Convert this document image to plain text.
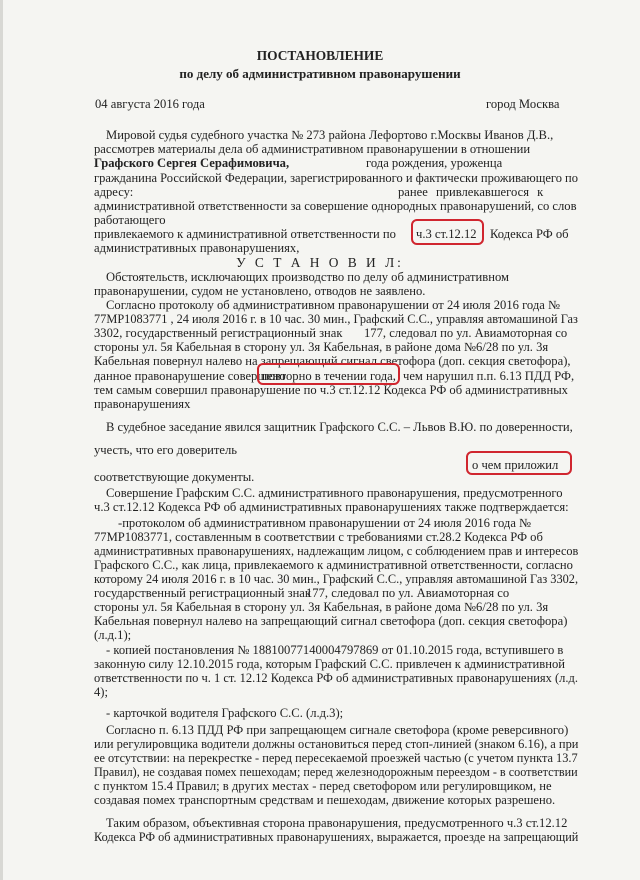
ПОСТАНОВЛЕНИЕ
по делу об административном правонарушении
04 августа 2016 года	город Москва
Мировой судья судебного участка № 273 района Лефортово г.Москвы Иванов Д.В.,
рассмотрев материалы дела об административном правонарушении в отношении
Графского Сергея Серафимовича,	года рождения, уроженца
гражданина Российской Федерации, зарегистрированного и фактически проживающего по
адресу:	ранее привлекавшегося к
административной ответственности за совершение однородных правонарушений, со слов
работающего
привлекаемого к административной ответственности по ч.3 ст.12.12 Кодекса РФ об
административных правонарушениях,
У С Т А Н О В И Л:
Обстоятельств, исключающих производство по делу об административном
правонарушении, судом не установлено, отводов не заявлено.
Согласно протоколу об административном правонарушении от 24 июля 2016 года №
77МР1083771 , 24 июля 2016 г. в 10 час. 30 мин., Графский С.С., управляя автомашиной Газ
3302, государственный регистрационный знак 177, следовал по ул. Авиамоторная со
стороны ул. 5я Кабельная в сторону ул. 3я Кабельная, в районе дома №6/28 по ул. 3я
Кабельная повернул налево на запрещающий сигнал светофора (доп. секция светофора),
данное правонарушение совершено
повторно в течении года, чем нарушил п.п. 6.13 ПДД РФ,
тем самым совершил правонарушение по ч.3 ст.12.12 Кодекса РФ об административных
правонарушениях
В судебное заседание явился защитник Графского С.С. – Львов В.Ю. по доверенности,
учесть, что его доверитель
о чем приложил
соответствующие документы.
Совершение Графским С.С. административного правонарушения, предусмотренного
ч.3 ст.12.12 Кодекса РФ об административных правонарушениях также подтверждается:
-протоколом об административном правонарушении от 24 июля 2016 года №
77МР1083771, составленным в соответствии с требованиями ст.28.2 Кодекса РФ об
административных правонарушениях, надлежащим лицом, с соблюдением прав и интересов
Графского С.С., как лица, привлекаемого к административной ответственности, согласно
которому 24 июля 2016 г. в 10 час. 30 мин., Графский С.С., управляя автомашиной Газ 3302,
государственный регистрационный знак
177, следовал по ул. Авиамоторная со
стороны ул. 5я Кабельная в сторону ул. 3я Кабельная, в районе дома №6/28 по ул. 3я
Кабельная повернул налево на запрещающий сигнал светофора (доп. секция светофора)
(л.д.1);
- копией постановления № 18810077140004797869 от 01.10.2015 года, вступившего в
законную силу 12.10.2015 года, которым Графский С.С. привлечен к административной
ответственности по ч. 1 ст. 12.12 Кодекса РФ об административных правонарушениях (л.д.
4);
- карточкой водителя Графского С.С. (л.д.3);
Согласно п. 6.13 ПДД РФ при запрещающем сигнале светофора (кроме реверсивного)
или регулировщика водители должны остановиться перед стоп-линией (знаком 6.16), а при
ее отсутствии: на перекрестке - перед пересекаемой проезжей частью (с учетом пункта 13.7
Правил), не создавая помех пешеходам; перед железнодорожным переездом - в соответствии
с пунктом 15.4 Правил; в других местах - перед светофором или регулировщиком, не
создавая помех транспортным средствам и пешеходам, движение которых разрешено.
Таким образом, объективная сторона правонарушения, предусмотренного ч.3 ст.12.12
Кодекса РФ об административных правонарушениях, выражается, проезде на запрещающий
